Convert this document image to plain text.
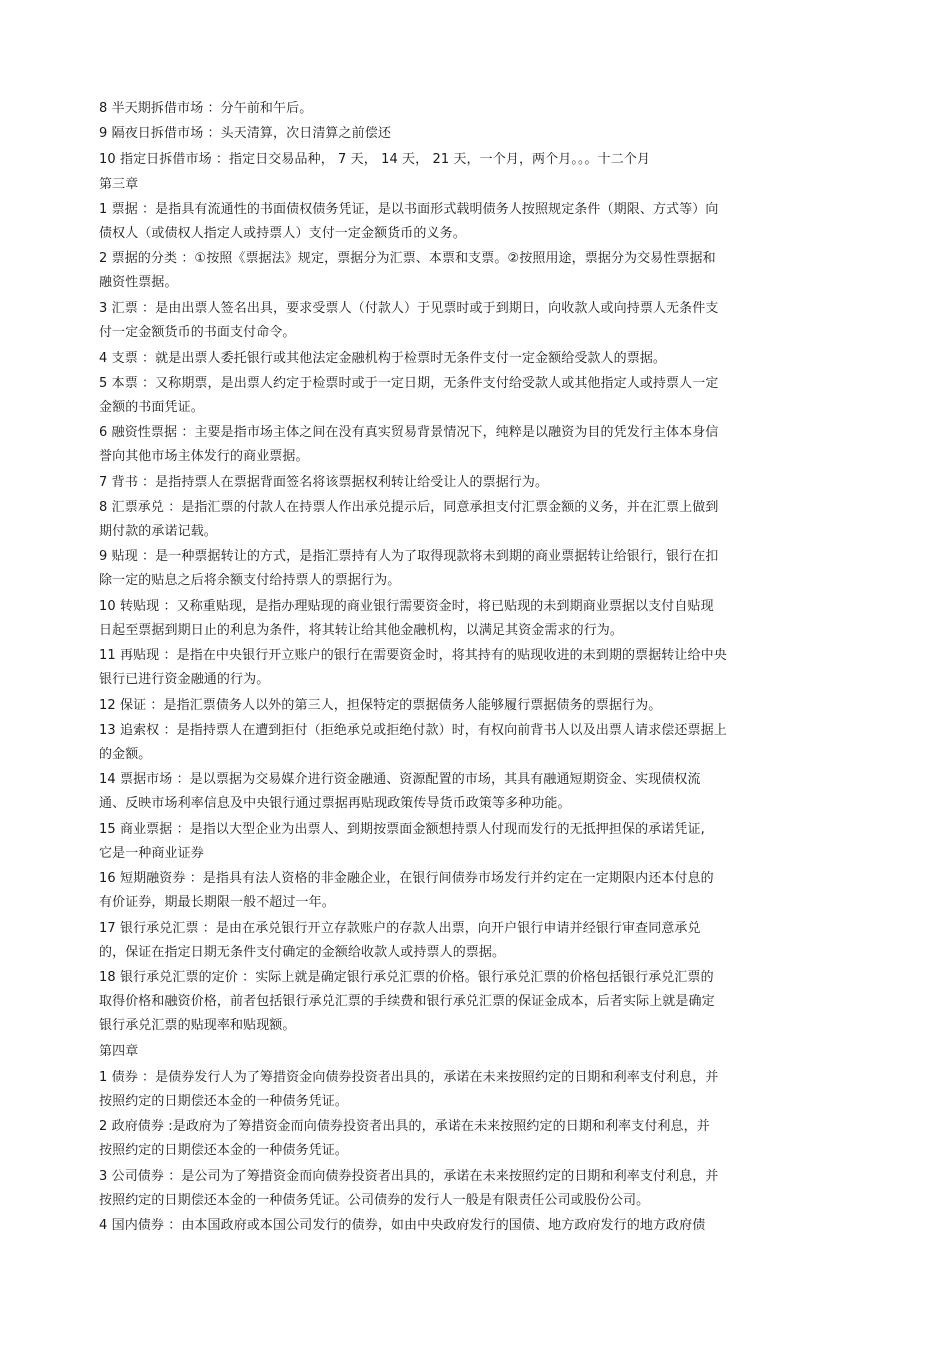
8 半天期拆借市场 ：分午前和午后。
9 隔夜日拆借市场 ：头天清算，次日清算之前偿还
10 指定日拆借市场 ：指定日交易品种， 7 天， 14 天， 21 天，一个月，两个月。。。十二个月
第三章
1 票据 ：是指具有流通性的书面债权债务凭证，是以书面形式载明债务人按照规定条件（期限、方式等）向
债权人（或债权人指定人或持票人）支付一定金额货币的义务。
2 票据的分类 ：①按照《票据法》规定，票据分为汇票、本票和支票。②按照用途，票据分为交易性票据和
融资性票据。
3 汇票 ：是由出票人签名出具，要求受票人（付款人）于见票时或于到期日，向收款人或向持票人无条件支
付一定金额货币的书面支付命令。
4 支票 ：就是出票人委托银行或其他法定金融机构于检票时无条件支付一定金额给受款人的票据。
5 本票 ：又称期票，是出票人约定于检票时或于一定日期，无条件支付给受款人或其他指定人或持票人一定
金额的书面凭证。
6 融资性票据 ：主要是指市场主体之间在没有真实贸易背景情况下，纯粹是以融资为目的凭发行主体本身信
誉向其他市场主体发行的商业票据。
7 背书 ：是指持票人在票据背面签名将该票据权利转让给受让人的票据行为。
8 汇票承兑 ：是指汇票的付款人在持票人作出承兑提示后，同意承担支付汇票金额的义务，并在汇票上做到
期付款的承诺记载。
9 贴现 ：是一种票据转让的方式，是指汇票持有人为了取得现款将未到期的商业票据转让给银行，银行在扣
除一定的贴息之后将余额支付给持票人的票据行为。
10 转贴现 ：又称重贴现，是指办理贴现的商业银行需要资金时，将已贴现的未到期商业票据以支付自贴现
日起至票据到期日止的利息为条件，将其转让给其他金融机构，以满足其资金需求的行为。
11 再贴现 ：是指在中央银行开立账户的银行在需要资金时，将其持有的贴现收进的未到期的票据转让给中央
银行已进行资金融通的行为。
12 保证 ：是指汇票债务人以外的第三人，担保特定的票据债务人能够履行票据债务的票据行为。
13 追索权 ：是指持票人在遭到拒付（拒绝承兑或拒绝付款）时，有权向前背书人以及出票人请求偿还票据上
的金额。
14 票据市场 ：是以票据为交易媒介进行资金融通、资源配置的市场，其具有融通短期资金、实现债权流
通、反映市场利率信息及中央银行通过票据再贴现政策传导货币政策等多种功能。
15 商业票据 ：是指以大型企业为出票人、到期按票面金额想持票人付现而发行的无抵押担保的承诺凭证,
它是一种商业证券
16 短期融资券 ：是指具有法人资格的非金融企业，在银行间债券市场发行并约定在一定期限内还本付息的
有价证券，期最长期限一般不超过一年。
17 银行承兑汇票 ：是由在承兑银行开立存款账户的存款人出票，向开户银行申请并经银行审查同意承兑
的，保证在指定日期无条件支付确定的金额给收款人或持票人的票据。
18 银行承兑汇票的定价 ：实际上就是确定银行承兑汇票的价格。银行承兑汇票的价格包括银行承兑汇票的
取得价格和融资价格，前者包括银行承兑汇票的手续费和银行承兑汇票的保证金成本，后者实际上就是确定
银行承兑汇票的贴现率和贴现额。
第四章
1 债券 ：是债券发行人为了筹措资金向债券投资者出具的，承诺在未来按照约定的日期和利率支付利息，并
按照约定的日期偿还本金的一种债务凭证。
2 政府债券 :是政府为了筹措资金而向债券投资者出具的，承诺在未来按照约定的日期和利率支付利息，并
按照约定的日期偿还本金的一种债务凭证。
3 公司债券 ：是公司为了筹措资金而向债券投资者出具的，承诺在未来按照约定的日期和利率支付利息，并
按照约定的日期偿还本金的一种债务凭证。公司债券的发行人一般是有限责任公司或股份公司。
4 国内债券 ：由本国政府或本国公司发行的债券，如由中央政府发行的国债、地方政府发行的地方政府债
